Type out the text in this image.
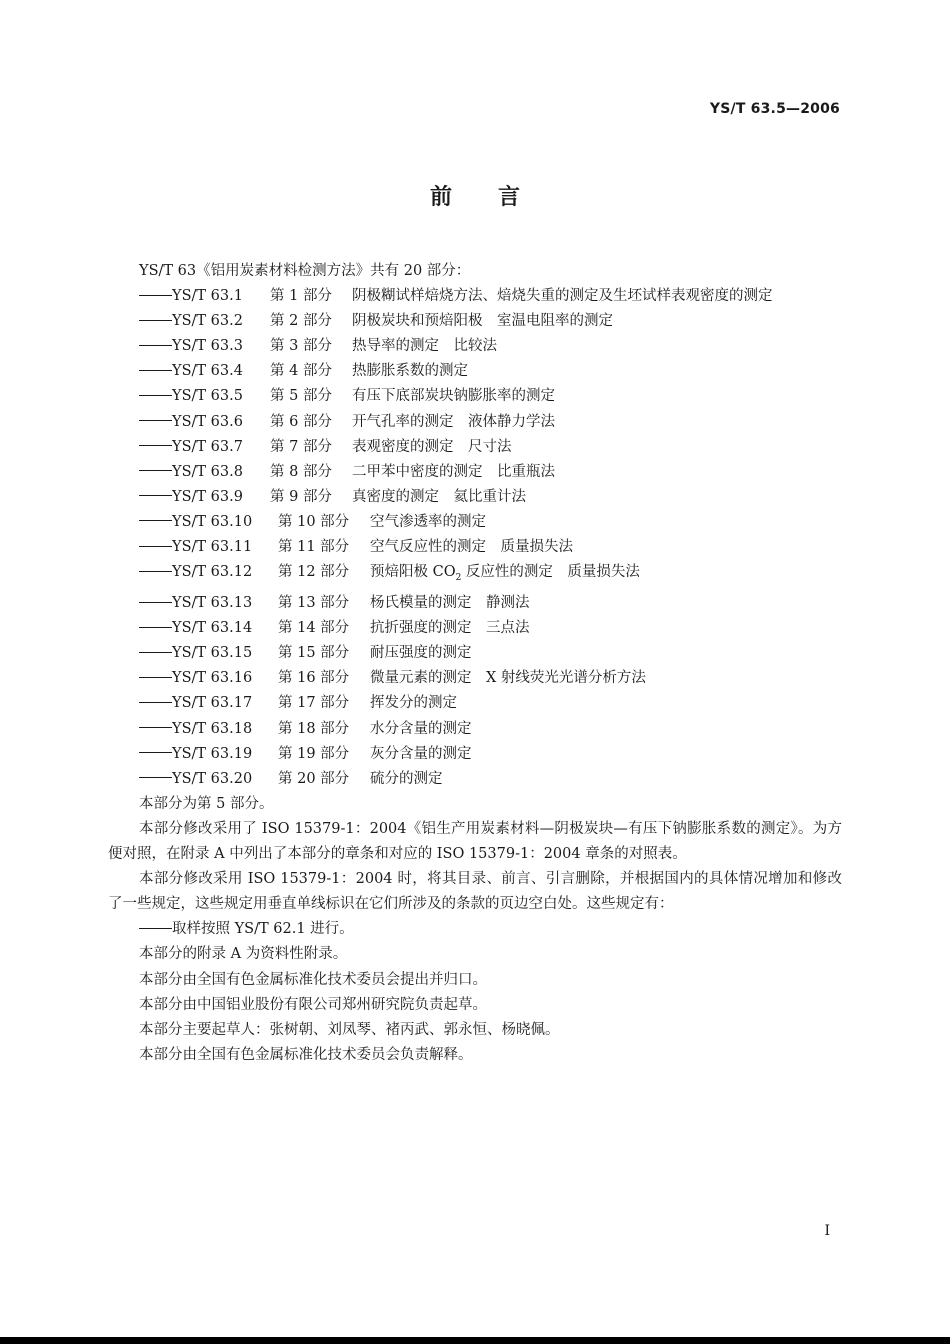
YS/T 63.5—2006
前言

YS/T 63《铝用炭素材料检测方法》共有 20 部分：

YS/T 63.1 第 1 部分 阴极糊试样焙烧方法、焙烧失重的测定及生坯试样表观密度的测定
YS/T 63.2 第 2 部分 阴极炭块和预焙阳极　室温电阻率的测定
YS/T 63.3 第 3 部分 热导率的测定　比较法
YS/T 63.4 第 4 部分 热膨胀系数的测定
YS/T 63.5 第 5 部分 有压下底部炭块钠膨胀率的测定
YS/T 63.6 第 6 部分 开气孔率的测定　液体静力学法
YS/T 63.7 第 7 部分 表观密度的测定　尺寸法
YS/T 63.8 第 8 部分 二甲苯中密度的测定　比重瓶法
YS/T 63.9 第 9 部分 真密度的测定　氦比重计法
YS/T 63.10 第 10 部分 空气渗透率的测定
YS/T 63.11 第 11 部分 空气反应性的测定　质量损失法
YS/T 63.12 第 12 部分 预焙阳极 $CO_2$ 反应性的测定　质量损失法
YS/T 63.13 第 13 部分 杨氏模量的测定　静测法
YS/T 63.14 第 14 部分 抗折强度的测定　三点法
YS/T 63.15 第 15 部分 耐压强度的测定
YS/T 63.16 第 16 部分 微量元素的测定　X 射线荧光光谱分析方法
YS/T 63.17 第 17 部分 挥发分的测定
YS/T 63.18 第 18 部分 水分含量的测定
YS/T 63.19 第 19 部分 灰分含量的测定
YS/T 63.20 第 20 部分 硫分的测定

本部分为第 5 部分。

本部分修改采用了 ISO 15379-1：2004《铝生产用炭素材料—阴极炭块—有压下钠膨胀系数的测定》。为方便对照，在附录 A 中列出了本部分的章条和对应的 ISO 15379-1：2004 章条的对照表。

本部分修改采用 ISO 15379-1：2004 时，将其目录、前言、引言删除，并根据国内的具体情况增加和修改了一些规定，这些规定用垂直单线标识在它们所涉及的条款的页边空白处。这些规定有：

取样按照 YS/T 62.1 进行。

本部分的附录 A 为资料性附录。

本部分由全国有色金属标准化技术委员会提出并归口。

本部分由中国铝业股份有限公司郑州研究院负责起草。

本部分主要起草人：张树朝、刘凤琴、褚丙武、郭永恒、杨晓佩。

本部分由全国有色金属标准化技术委员会负责解释。

I
